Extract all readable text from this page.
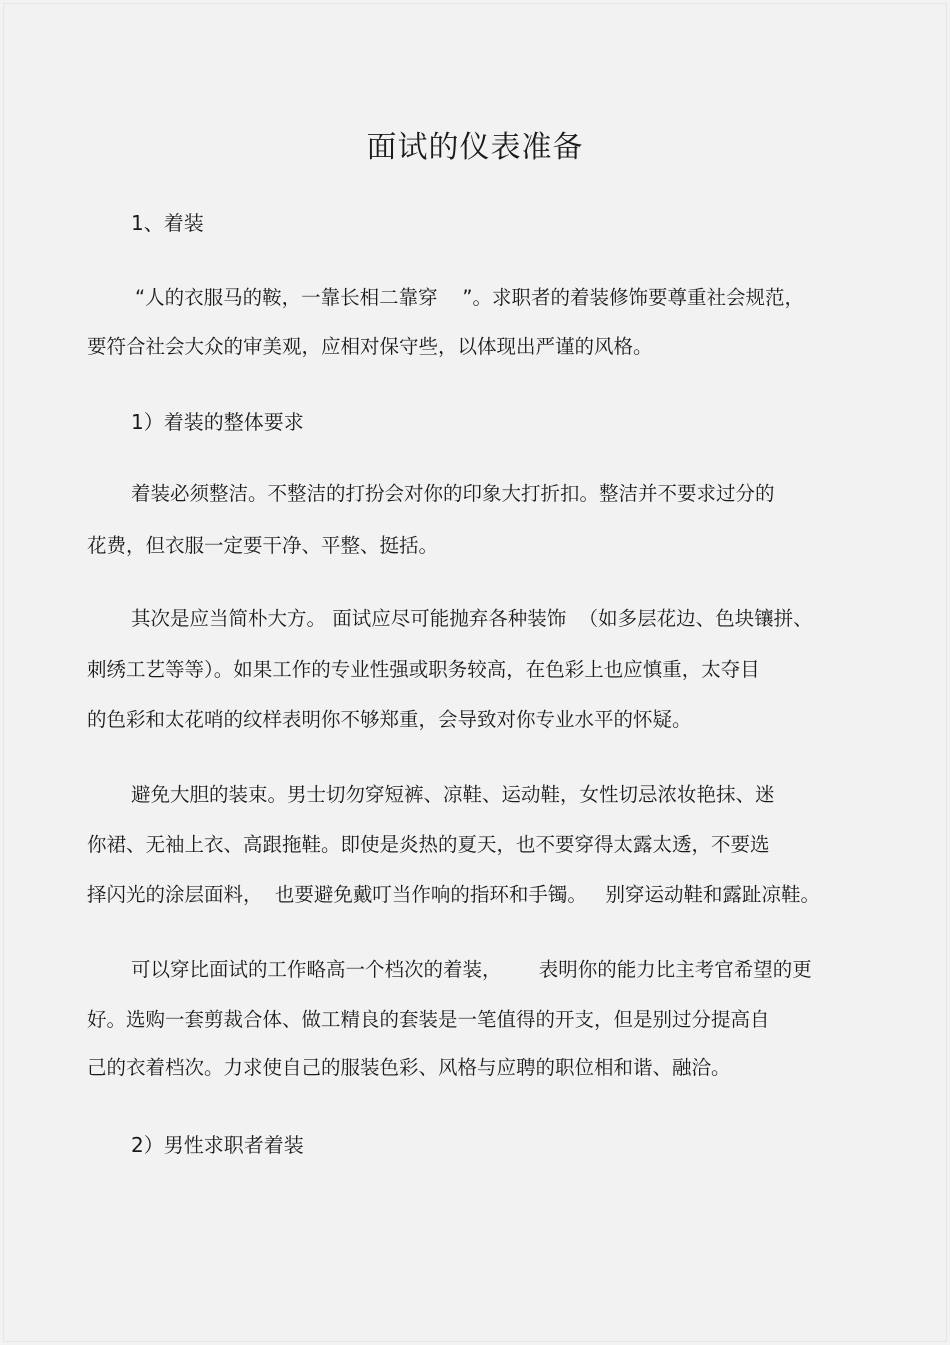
面试的仪表准备
1、着装
“人的衣服马的鞍，一靠长相二靠穿    ”。求职者的着装修饰要尊重社会规范，
要符合社会大众的审美观，应相对保守些，以体现出严谨的风格。
1）着装的整体要求
着装必须整洁。不整洁的打扮会对你的印象大打折扣。整洁并不要求过分的
花费，但衣服一定要干净、平整、挺括。
其次是应当简朴大方。 面试应尽可能抛弃各种装饰  （如多层花边、色块镶拼、
刺绣工艺等等）。如果工作的专业性强或职务较高，在色彩上也应慎重，太夺目
的色彩和太花哨的纹样表明你不够郑重，会导致对你专业水平的怀疑。
避免大胆的装束。男士切勿穿短裤、凉鞋、运动鞋，女性切忌浓妆艳抹、迷
你裙、无袖上衣、高跟拖鞋。即使是炎热的夏天，也不要穿得太露太透，不要选
择闪光的涂层面料，  也要避免戴叮当作响的指环和手镯。   别穿运动鞋和露趾凉鞋。
可以穿比面试的工作略高一个档次的着装，      表明你的能力比主考官希望的更
好。选购一套剪裁合体、做工精良的套装是一笔值得的开支，但是别过分提高自
己的衣着档次。力求使自己的服装色彩、风格与应聘的职位相和谐、融洽。
2）男性求职者着装
